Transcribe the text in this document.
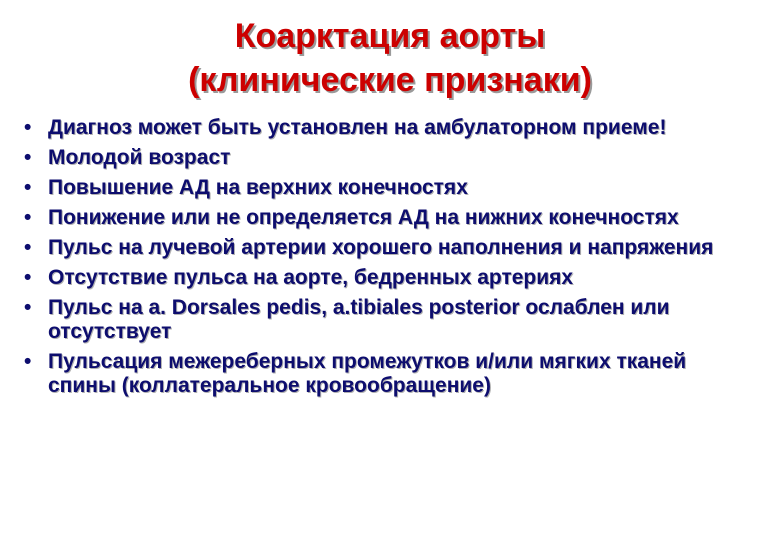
Коарктация аорты
(клинические признаки)
• Диагноз может быть установлен на амбулаторном приеме!
• Молодой возраст
• Повышение АД на верхних конечностях
• Понижение или не определяется АД на нижних конечностях
• Пульс на лучевой артерии хорошего наполнения и напряжения
• Отсутствие пульса на аорте, бедренных артериях
• Пульс на a. Dorsales pedis, a.tibiales posterior ослаблен или отсутствует
• Пульсация межереберных промежутков и/или мягких тканей спины (коллатеральное кровообращение)
